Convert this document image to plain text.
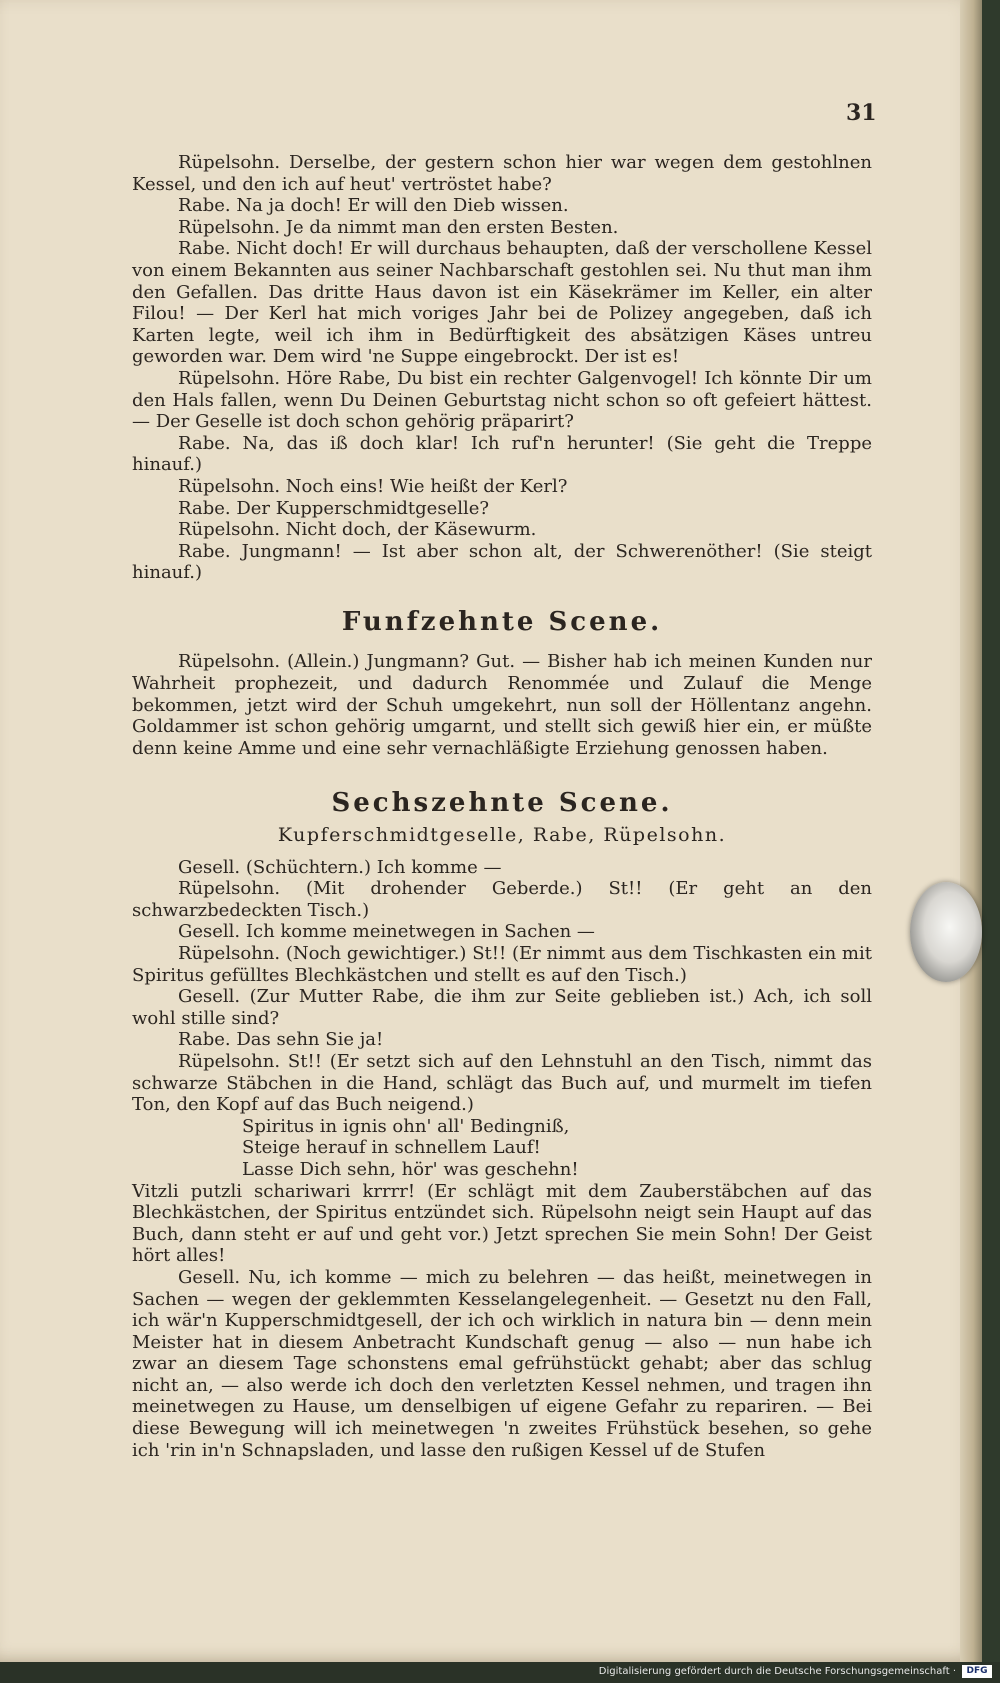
31

Rüpelsohn. Derselbe, der gestern schon hier war wegen dem gestohlnen Kessel, und den ich auf heut' vertröstet habe?

Rabe. Na ja doch! Er will den Dieb wissen.

Rüpelsohn. Je da nimmt man den ersten Besten.

Rabe. Nicht doch! Er will durchaus behaupten, daß der verschollene Kessel von einem Bekannten aus seiner Nachbarschaft gestohlen sei. Nu thut man ihm den Gefallen. Das dritte Haus davon ist ein Käsekrämer im Keller, ein alter Filou! — Der Kerl hat mich voriges Jahr bei de Polizey angegeben, daß ich Karten legte, weil ich ihm in Bedürftigkeit des absätzigen Käses untreu geworden war. Dem wird 'ne Suppe eingebrockt. Der ist es!

Rüpelsohn. Höre Rabe, Du bist ein rechter Galgenvogel! Ich könnte Dir um den Hals fallen, wenn Du Deinen Geburtstag nicht schon so oft gefeiert hättest. — Der Geselle ist doch schon gehörig präparirt?

Rabe. Na, das iß doch klar! Ich ruf'n herunter! (Sie geht die Treppe hinauf.)

Rüpelsohn. Noch eins! Wie heißt der Kerl?

Rabe. Der Kupperschmidtgeselle?

Rüpelsohn. Nicht doch, der Käsewurm.

Rabe. Jungmann! — Ist aber schon alt, der Schwerenöther! (Sie steigt hinauf.)

Funfzehnte Scene.

Rüpelsohn. (Allein.) Jungmann? Gut. — Bisher hab ich meinen Kunden nur Wahrheit prophezeit, und dadurch Renommée und Zulauf die Menge bekommen, jetzt wird der Schuh umgekehrt, nun soll der Höllentanz angehn. Goldammer ist schon gehörig umgarnt, und stellt sich gewiß hier ein, er müßte denn keine Amme und eine sehr vernachläßigte Erziehung genossen haben.

Sechszehnte Scene.

Kupferschmidtgeselle, Rabe, Rüpelsohn.

Gesell. (Schüchtern.) Ich komme —

Rüpelsohn. (Mit drohender Geberde.) St!! (Er geht an den schwarzbedeckten Tisch.)

Gesell. Ich komme meinetwegen in Sachen —

Rüpelsohn. (Noch gewichtiger.) St!! (Er nimmt aus dem Tischkasten ein mit Spiritus gefülltes Blechkästchen und stellt es auf den Tisch.)

Gesell. (Zur Mutter Rabe, die ihm zur Seite geblieben ist.) Ach, ich soll wohl stille sind?

Rabe. Das sehn Sie ja!

Rüpelsohn. St!! (Er setzt sich auf den Lehnstuhl an den Tisch, nimmt das schwarze Stäbchen in die Hand, schlägt das Buch auf, und murmelt im tiefen Ton, den Kopf auf das Buch neigend.)

Spiritus in ignis ohn' all' Bedingniß,

Steige herauf in schnellem Lauf!

Lasse Dich sehn, hör' was geschehn!

Vitzli putzli schariwari krrrr! (Er schlägt mit dem Zauberstäbchen auf das Blechkästchen, der Spiritus entzündet sich. Rüpelsohn neigt sein Haupt auf das Buch, dann steht er auf und geht vor.) Jetzt sprechen Sie mein Sohn! Der Geist hört alles!

Gesell. Nu, ich komme — mich zu belehren — das heißt, meinetwegen in Sachen — wegen der geklemmten Kesselangelegenheit. — Gesetzt nu den Fall, ich wär'n Kupperschmidtgesell, der ich och wirklich in natura bin — denn mein Meister hat in diesem Anbetracht Kundschaft genug — also — nun habe ich zwar an diesem Tage schonstens emal gefrühstückt gehabt; aber das schlug nicht an, — also werde ich doch den verletzten Kessel nehmen, und tragen ihn meinetwegen zu Hause, um denselbigen uf eigene Gefahr zu repariren. — Bei diese Bewegung will ich meinetwegen 'n zweites Frühstück besehen, so gehe ich 'rin in'n Schnapsladen, und lasse den rußigen Kessel uf de Stufen

Digitalisierung gefördert durch die Deutsche Forschungsgemeinschaft ·	DFG
